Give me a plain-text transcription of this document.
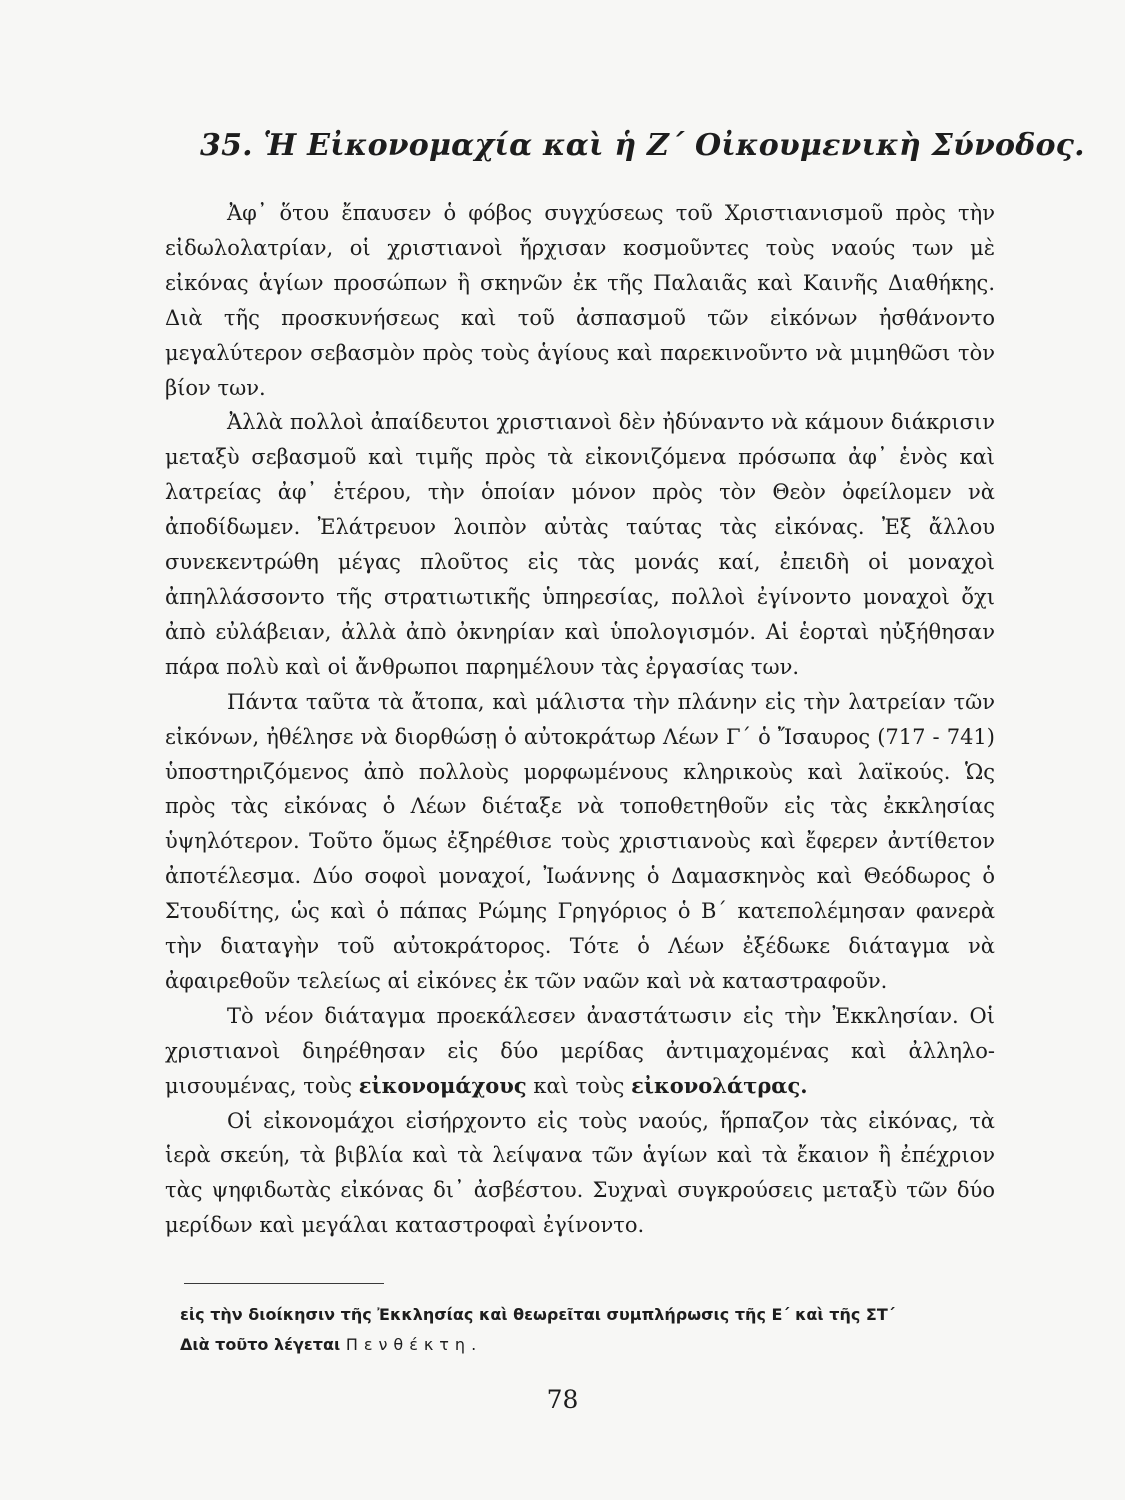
35. Ἡ Εἰκονομαχία καὶ ἡ Ζ΄ Οἰκουμενικὴ Σύνοδος.

Ἀφ᾽ ὅτου ἔπαυσεν ὁ φόβος συγχύσεως τοῦ Χριστιανισμοῦ πρὸς τὴν εἰδωλολατρίαν, οἱ χριστιανοὶ ἤρχισαν κοσμοῦντες τοὺς ναούς των μὲ εἰκόνας ἁγίων προσώπων ἢ σκηνῶν ἐκ τῆς Παλαιᾶς καὶ Καινῆς Διαθήκης. Διὰ τῆς προσκυνήσεως καὶ τοῦ ἀσπασμοῦ τῶν εἰκόνων ἠσθάνοντο μεγαλύτερον σεβασμὸν πρὸς τοὺς ἁγίους καὶ παρεκινοῦντο νὰ μιμηθῶσι τὸν βίον των.

Ἀλλὰ πολλοὶ ἀπαίδευτοι χριστιανοὶ δὲν ἠδύναντο νὰ κάμουν διάκρισιν μεταξὺ σεβασμοῦ καὶ τιμῆς πρὸς τὰ εἰκονιζόμενα πρόσωπα ἀφ᾽ ἑνὸς καὶ λατρείας ἀφ᾽ ἑτέρου, τὴν ὁποίαν μόνον πρὸς τὸν Θεὸν ὀφείλομεν νὰ ἀποδίδωμεν. Ἐλάτρευον λοιπὸν αὐτὰς ταύτας τὰς εἰκόνας. Ἐξ ἄλλου συνεκεντρώθη μέγας πλοῦτος εἰς τὰς μονάς καί, ἐπειδὴ οἱ μοναχοὶ ἀπηλλάσσοντο τῆς στρατιωτικῆς ὑπηρεσίας, πολλοὶ ἐγίνοντο μοναχοὶ ὄχι ἀπὸ εὐλάβειαν, ἀλλὰ ἀπὸ ὀκνηρίαν καὶ ὑπολογισμόν. Αἱ ἑορταὶ ηὐξήθησαν πάρα πολὺ καὶ οἱ ἄνθρωποι παρημέλουν τὰς ἐργασίας των.

Πάντα ταῦτα τὰ ἄτοπα, καὶ μάλιστα τὴν πλάνην εἰς τὴν λατρείαν τῶν εἰκόνων, ἠθέλησε νὰ διορθώσῃ ὁ αὐτοκράτωρ Λέων Γ΄ ὁ Ἴσαυρος (717 - 741) ὑποστηριζόμενος ἀπὸ πολλοὺς μορφωμένους κληρικοὺς καὶ λαϊκούς. Ὡς πρὸς τὰς εἰκόνας ὁ Λέων διέταξε νὰ τοποθετηθοῦν εἰς τὰς ἐκκλησίας ὑψηλότερον. Τοῦτο ὅμως ἐξηρέθισε τοὺς χριστιανοὺς καὶ ἔφερεν ἀντίθετον ἀποτέλεσμα. Δύο σοφοὶ μοναχοί, Ἰωάννης ὁ Δαμασκηνὸς καὶ Θεόδωρος ὁ Στουδίτης, ὡς καὶ ὁ πάπας Ρώμης Γρηγόριος ὁ Β΄ κατεπολέμησαν φανερὰ τὴν διαταγὴν τοῦ αὐτοκράτορος. Τότε ὁ Λέων ἐξέδωκε διάταγμα νὰ ἀφαιρεθοῦν τελείως αἱ εἰκόνες ἐκ τῶν ναῶν καὶ νὰ καταστραφοῦν.

Τὸ νέον διάταγμα προεκάλεσεν ἀναστάτωσιν εἰς τὴν Ἐκκλησίαν. Οἱ χριστιανοὶ διηρέθησαν εἰς δύο μερίδας ἀντιμαχομένας καὶ ἀλληλομισουμένας, τοὺς εἰκονομάχους καὶ τοὺς εἰκονολάτρας.

Οἱ εἰκονομάχοι εἰσήρχοντο εἰς τοὺς ναούς, ἥρπαζον τὰς εἰκόνας, τὰ ἱερὰ σκεύη, τὰ βιβλία καὶ τὰ λείψανα τῶν ἁγίων καὶ τὰ ἔκαιον ἢ ἐπέχριον τὰς ψηφιδωτὰς εἰκόνας δι᾽ ἀσβέστου. Συχναὶ συγκρούσεις μεταξὺ τῶν δύο μερίδων καὶ μεγάλαι καταστροφαὶ ἐγίνοντο.

εἰς τὴν διοίκησιν τῆς Ἐκκλησίας καὶ θεωρεῖται συμπλήρωσις τῆς Ε΄ καὶ τῆς ΣΤ΄

Διὰ τοῦτο λέγεται Πενθέκτη.

78
